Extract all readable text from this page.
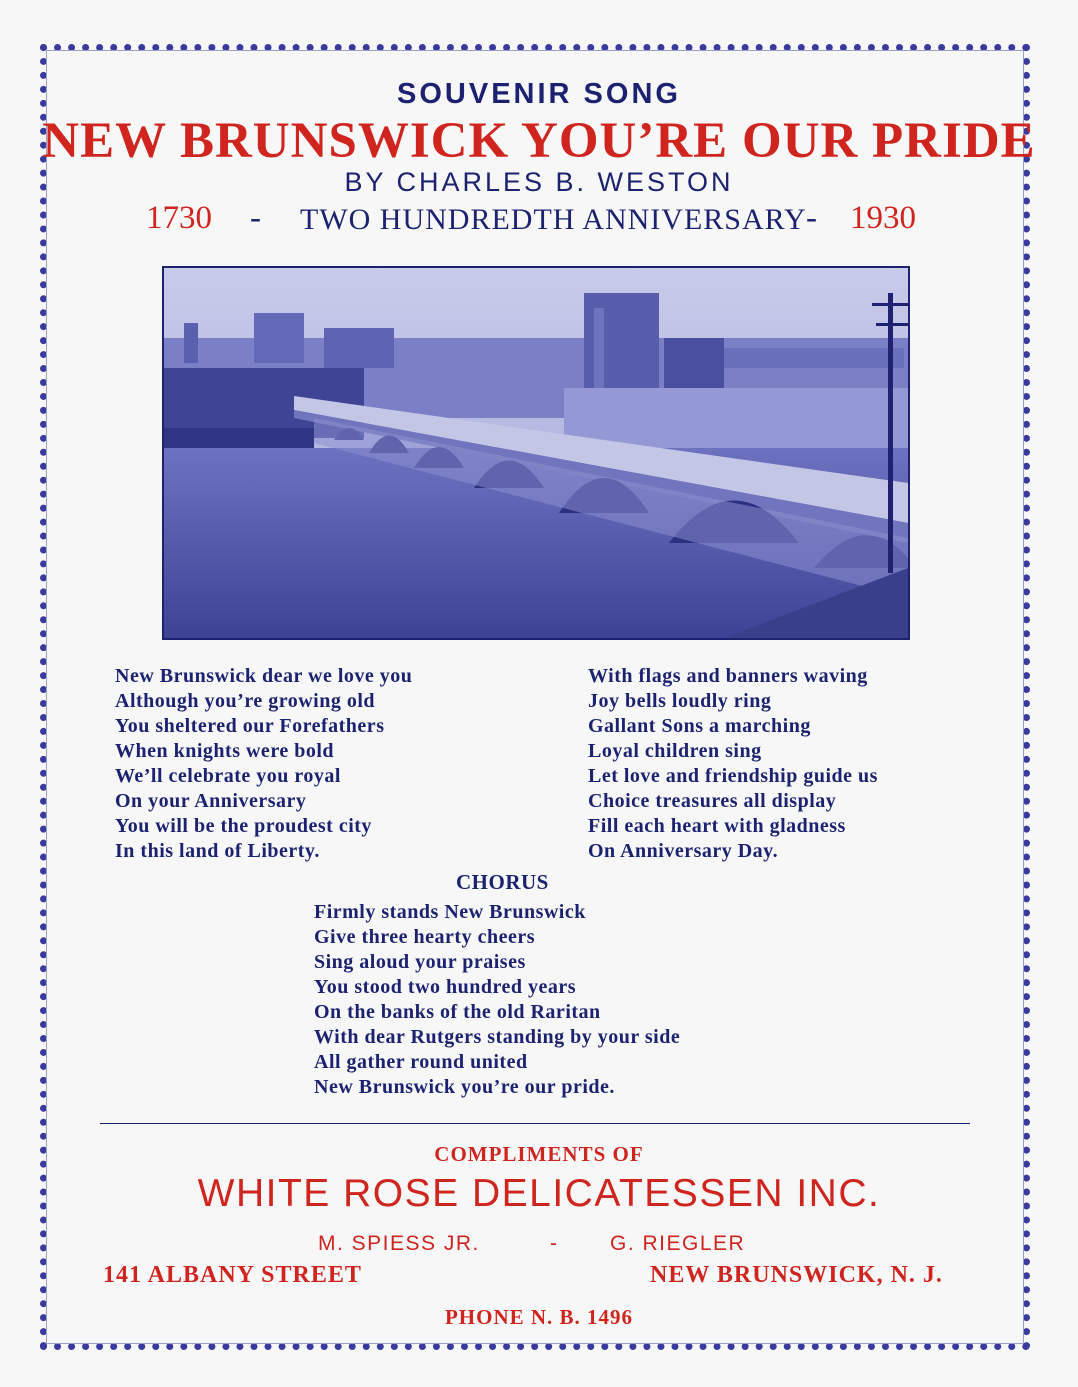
SOUVENIR SONG
NEW BRUNSWICK YOU’RE OUR PRIDE
BY CHARLES B. WESTON
1730 - TWO HUNDREDTH ANNIVERSARY - 1930
New Brunswick dear we love you
Although you’re growing old
You sheltered our Forefathers
When knights were bold
We’ll celebrate you royal
On your Anniversary
You will be the proudest city
In this land of Liberty.
With flags and banners waving
Joy bells loudly ring
Gallant Sons a marching
Loyal children sing
Let love and friendship guide us
Choice treasures all display
Fill each heart with gladness
On Anniversary Day.
CHORUS
Firmly stands New Brunswick
Give three hearty cheers
Sing aloud your praises
You stood two hundred years
On the banks of the old Raritan
With dear Rutgers standing by your side
All gather round united
New Brunswick you’re our pride.
COMPLIMENTS OF
WHITE ROSE DELICATESSEN INC.
M. SPIESS JR.	- G. RIEGLER
141 ALBANY STREET	NEW BRUNSWICK, N. J.
PHONE N. B. 1496
